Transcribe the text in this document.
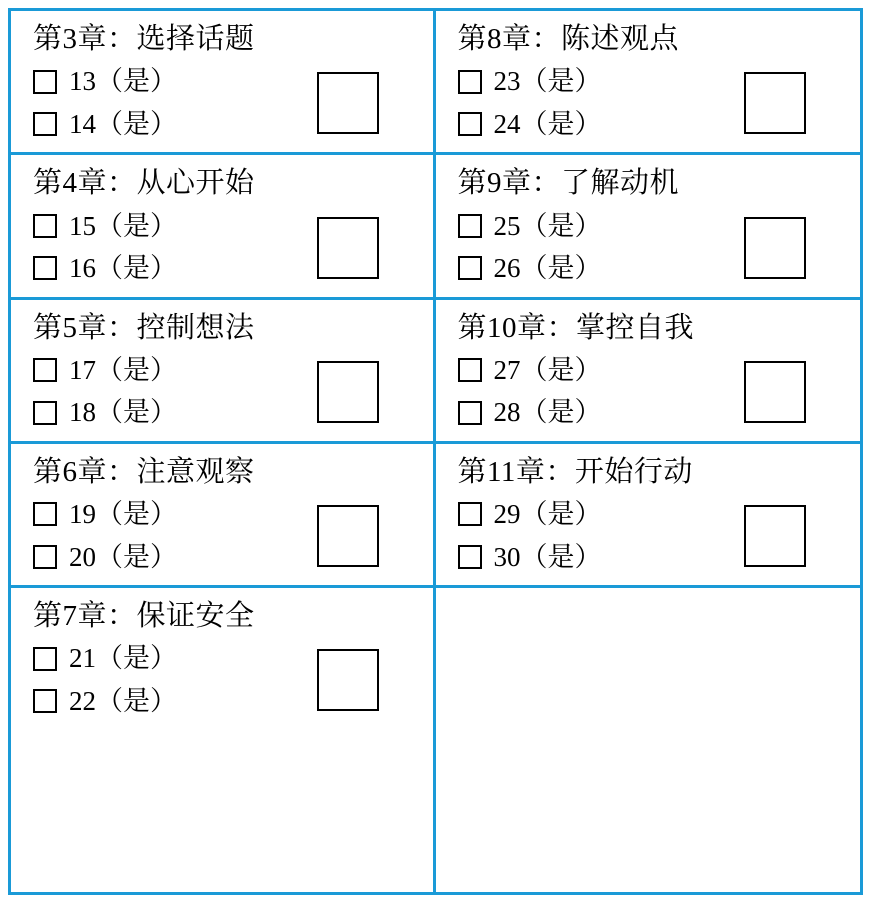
第3章：选择话题
13（是）
14（是）
第4章：从心开始
15（是）
16（是）
第5章：控制想法
17（是）
18（是）
第6章：注意观察
19（是）
20（是）
第7章：保证安全
21（是）
22（是）
第8章：陈述观点
23（是）
24（是）
第9章：了解动机
25（是）
26（是）
第10章：掌控自我
27（是）
28（是）
第11章：开始行动
29（是）
30（是）
